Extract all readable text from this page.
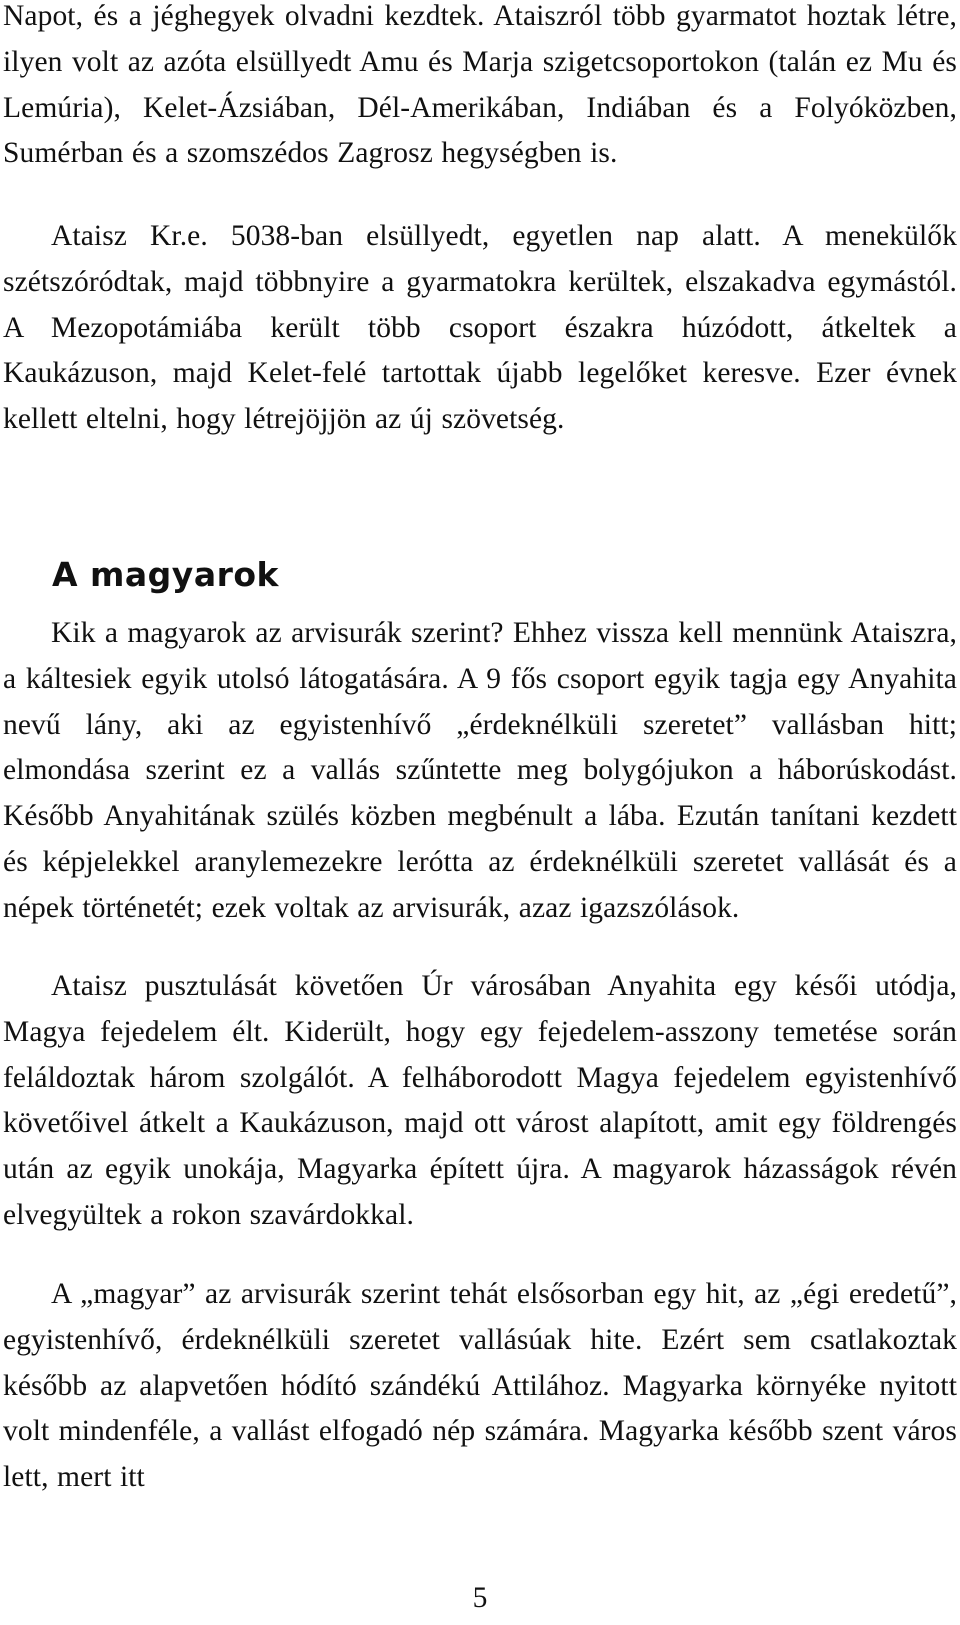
Napot, és a jéghegyek olvadni kezdtek. Ataiszról több gyarmatot hoztak létre, ilyen volt az azóta elsüllyedt Amu és Marja szigetcsoportokon (talán ez Mu és Lemúria), Kelet-Ázsiában, Dél-Amerikában, Indiában és a Folyóközben, Sumérban és a szomszédos Zagrosz hegységben is.

Ataisz Kr.e. 5038-ban elsüllyedt, egyetlen nap alatt. A menekülők szétszóródtak, majd többnyire a gyarmatokra kerültek, elszakadva egymástól. A Mezopotámiába került több csoport északra húzódott, átkeltek a Kaukázuson, majd Kelet-felé tartottak újabb legelőket keresve. Ezer évnek kellett eltelni, hogy létrejöjjön az új szövetség.

A magyarok

Kik a magyarok az arvisurák szerint? Ehhez vissza kell mennünk Ataiszra, a káltesiek egyik utolsó látogatására. A 9 fős csoport egyik tagja egy Anyahita nevű lány, aki az egyistenhívő „érdeknélküli szeretet” vallásban hitt; elmondása szerint ez a vallás szűntette meg bolygójukon a háborúskodást. Később Anyahitának szülés közben megbénult a lába. Ezután tanítani kezdett és képjelekkel aranylemezekre lerótta az érdeknélküli szeretet vallását és a népek történetét; ezek voltak az arvisurák, azaz igazszólások.

Ataisz pusztulását követően Úr városában Anyahita egy késői utódja, Magya fejedelem élt. Kiderült, hogy egy fejedelem-asszony temetése során feláldoztak három szolgálót. A felháborodott Magya fejedelem egyistenhívő követőivel átkelt a Kaukázuson, majd ott várost alapított, amit egy földrengés után az egyik unokája, Magyarka épített újra. A magyarok házasságok révén elvegyültek a rokon szavárdokkal.

A „magyar” az arvisurák szerint tehát elsősorban egy hit, az „égi eredetű”, egyistenhívő, érdeknélküli szeretet vallásúak hite. Ezért sem csatlakoztak később az alapvetően hódító szándékú Attilához. Magyarka környéke nyitott volt mindenféle, a vallást elfogadó nép számára. Magyarka később szent város lett, mert itt

5
